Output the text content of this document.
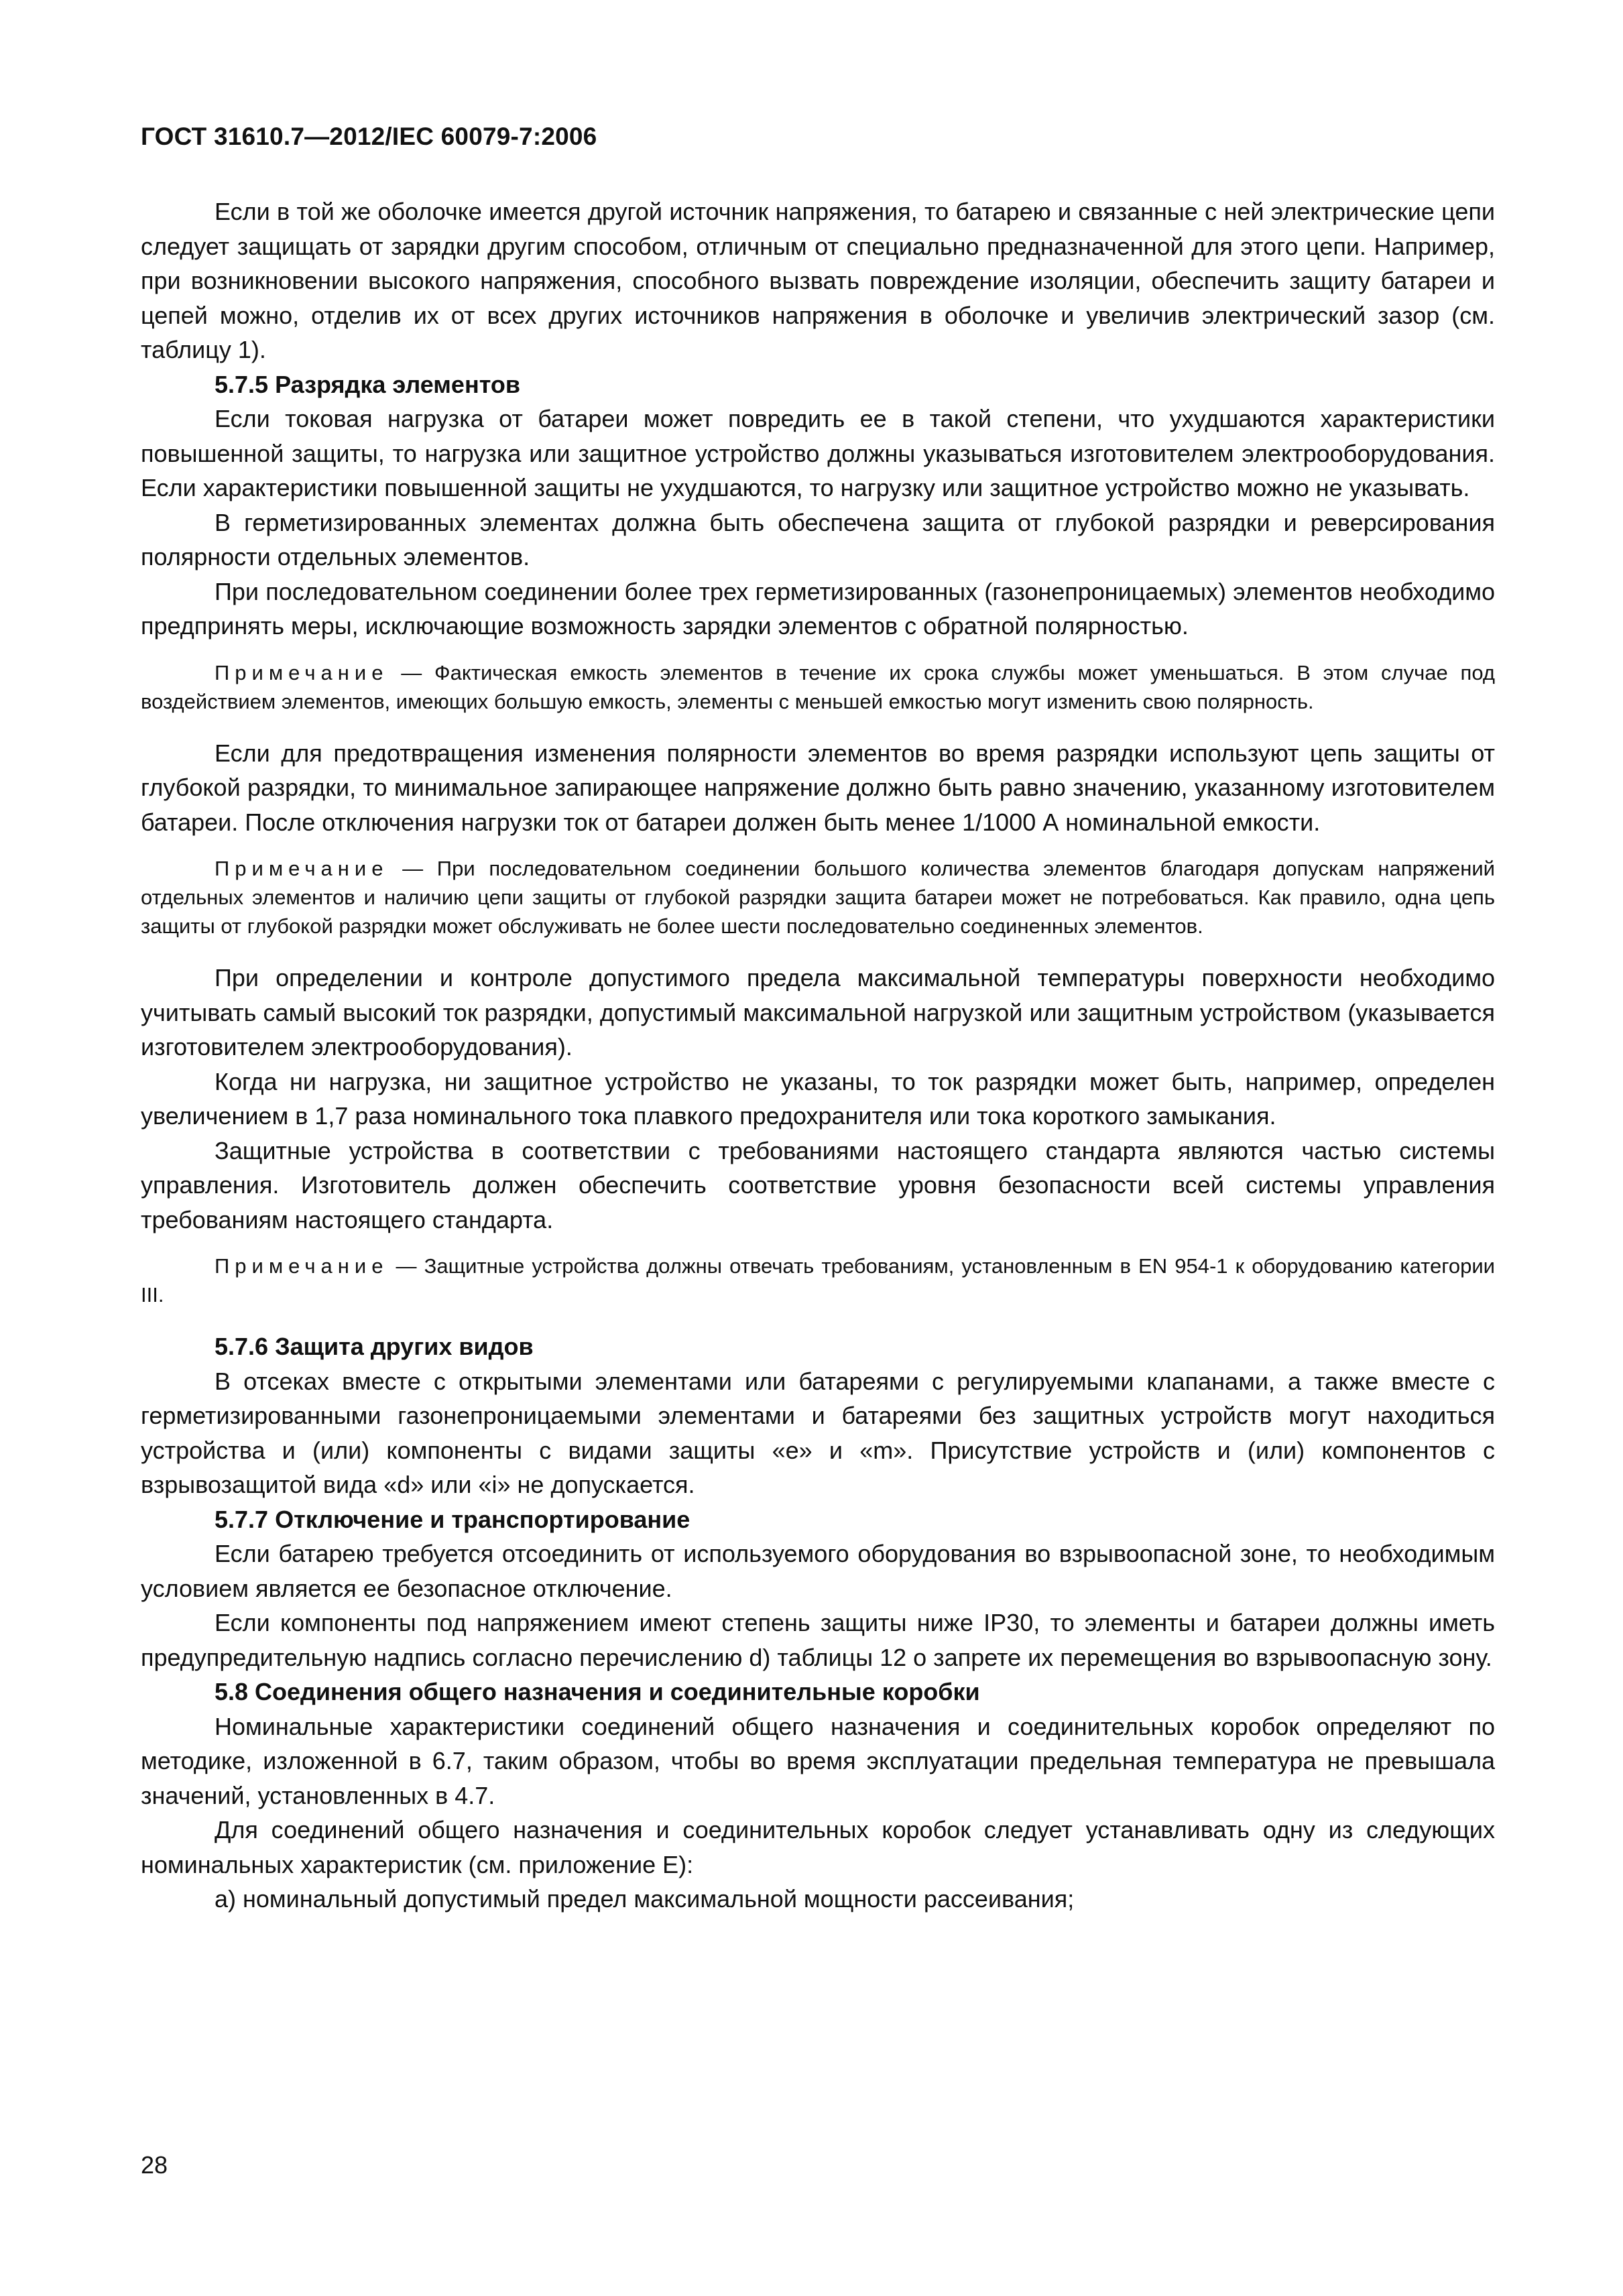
ГОСТ 31610.7—2012/IEC 60079-7:2006
Если в той же оболочке имеется другой источник напряжения, то батарею и связанные с ней электрические цепи следует защищать от зарядки другим способом, отличным от специально предназначенной для этого цепи. Например, при возникновении высокого напряжения, способного вызвать повреждение изоляции, обеспечить защиту батареи и цепей можно, отделив их от всех других источников напряжения в оболочке и увеличив электрический зазор (см. таблицу 1).
5.7.5 Разрядка элементов
Если токовая нагрузка от батареи может повредить ее в такой степени, что ухудшаются характеристики повышенной защиты, то нагрузка или защитное устройство должны указываться изготовителем электрооборудования. Если характеристики повышенной защиты не ухудшаются, то нагрузку или защитное устройство можно не указывать.
В герметизированных элементах должна быть обеспечена защита от глубокой разрядки и реверсирования полярности отдельных элементов.
При последовательном соединении более трех герметизированных (газонепроницаемых) элементов необходимо предпринять меры, исключающие возможность зарядки элементов с обратной полярностью.
Примечание — Фактическая емкость элементов в течение их срока службы может уменьшаться. В этом случае под воздействием элементов, имеющих большую емкость, элементы с меньшей емкостью могут изменить свою полярность.
Если для предотвращения изменения полярности элементов во время разрядки используют цепь защиты от глубокой разрядки, то минимальное запирающее напряжение должно быть равно значению, указанному изготовителем батареи. После отключения нагрузки ток от батареи должен быть менее 1/1000 А номинальной емкости.
Примечание — При последовательном соединении большого количества элементов благодаря допускам напряжений отдельных элементов и наличию цепи защиты от глубокой разрядки защита батареи может не потребоваться. Как правило, одна цепь защиты от глубокой разрядки может обслуживать не более шести последовательно соединенных элементов.
При определении и контроле допустимого предела максимальной температуры поверхности необходимо учитывать самый высокий ток разрядки, допустимый максимальной нагрузкой или защитным устройством (указывается изготовителем электрооборудования).
Когда ни нагрузка, ни защитное устройство не указаны, то ток разрядки может быть, например, определен увеличением в 1,7 раза номинального тока плавкого предохранителя или тока короткого замыкания.
Защитные устройства в соответствии с требованиями настоящего стандарта являются частью системы управления. Изготовитель должен обеспечить соответствие уровня безопасности всей системы управления требованиям настоящего стандарта.
Примечание — Защитные устройства должны отвечать требованиям, установленным в EN 954-1 к оборудованию категории III.
5.7.6 Защита других видов
В отсеках вместе с открытыми элементами или батареями с регулируемыми клапанами, а также вместе с герметизированными газонепроницаемыми элементами и батареями без защитных устройств могут находиться устройства и (или) компоненты с видами защиты «е» и «m». Присутствие устройств и (или) компонентов с взрывозащитой вида «d» или «i» не допускается.
5.7.7 Отключение и транспортирование
Если батарею требуется отсоединить от используемого оборудования во взрывоопасной зоне, то необходимым условием является ее безопасное отключение.
Если компоненты под напряжением имеют степень защиты ниже IP30, то элементы и батареи должны иметь предупредительную надпись согласно перечислению d) таблицы 12 о запрете их перемещения во взрывоопасную зону.
5.8 Соединения общего назначения и соединительные коробки
Номинальные характеристики соединений общего назначения и соединительных коробок определяют по методике, изложенной в 6.7, таким образом, чтобы во время эксплуатации предельная температура не превышала значений, установленных в 4.7.
Для соединений общего назначения и соединительных коробок следует устанавливать одну из следующих номинальных характеристик (см. приложение Е):
а) номинальный допустимый предел максимальной мощности рассеивания;
28
